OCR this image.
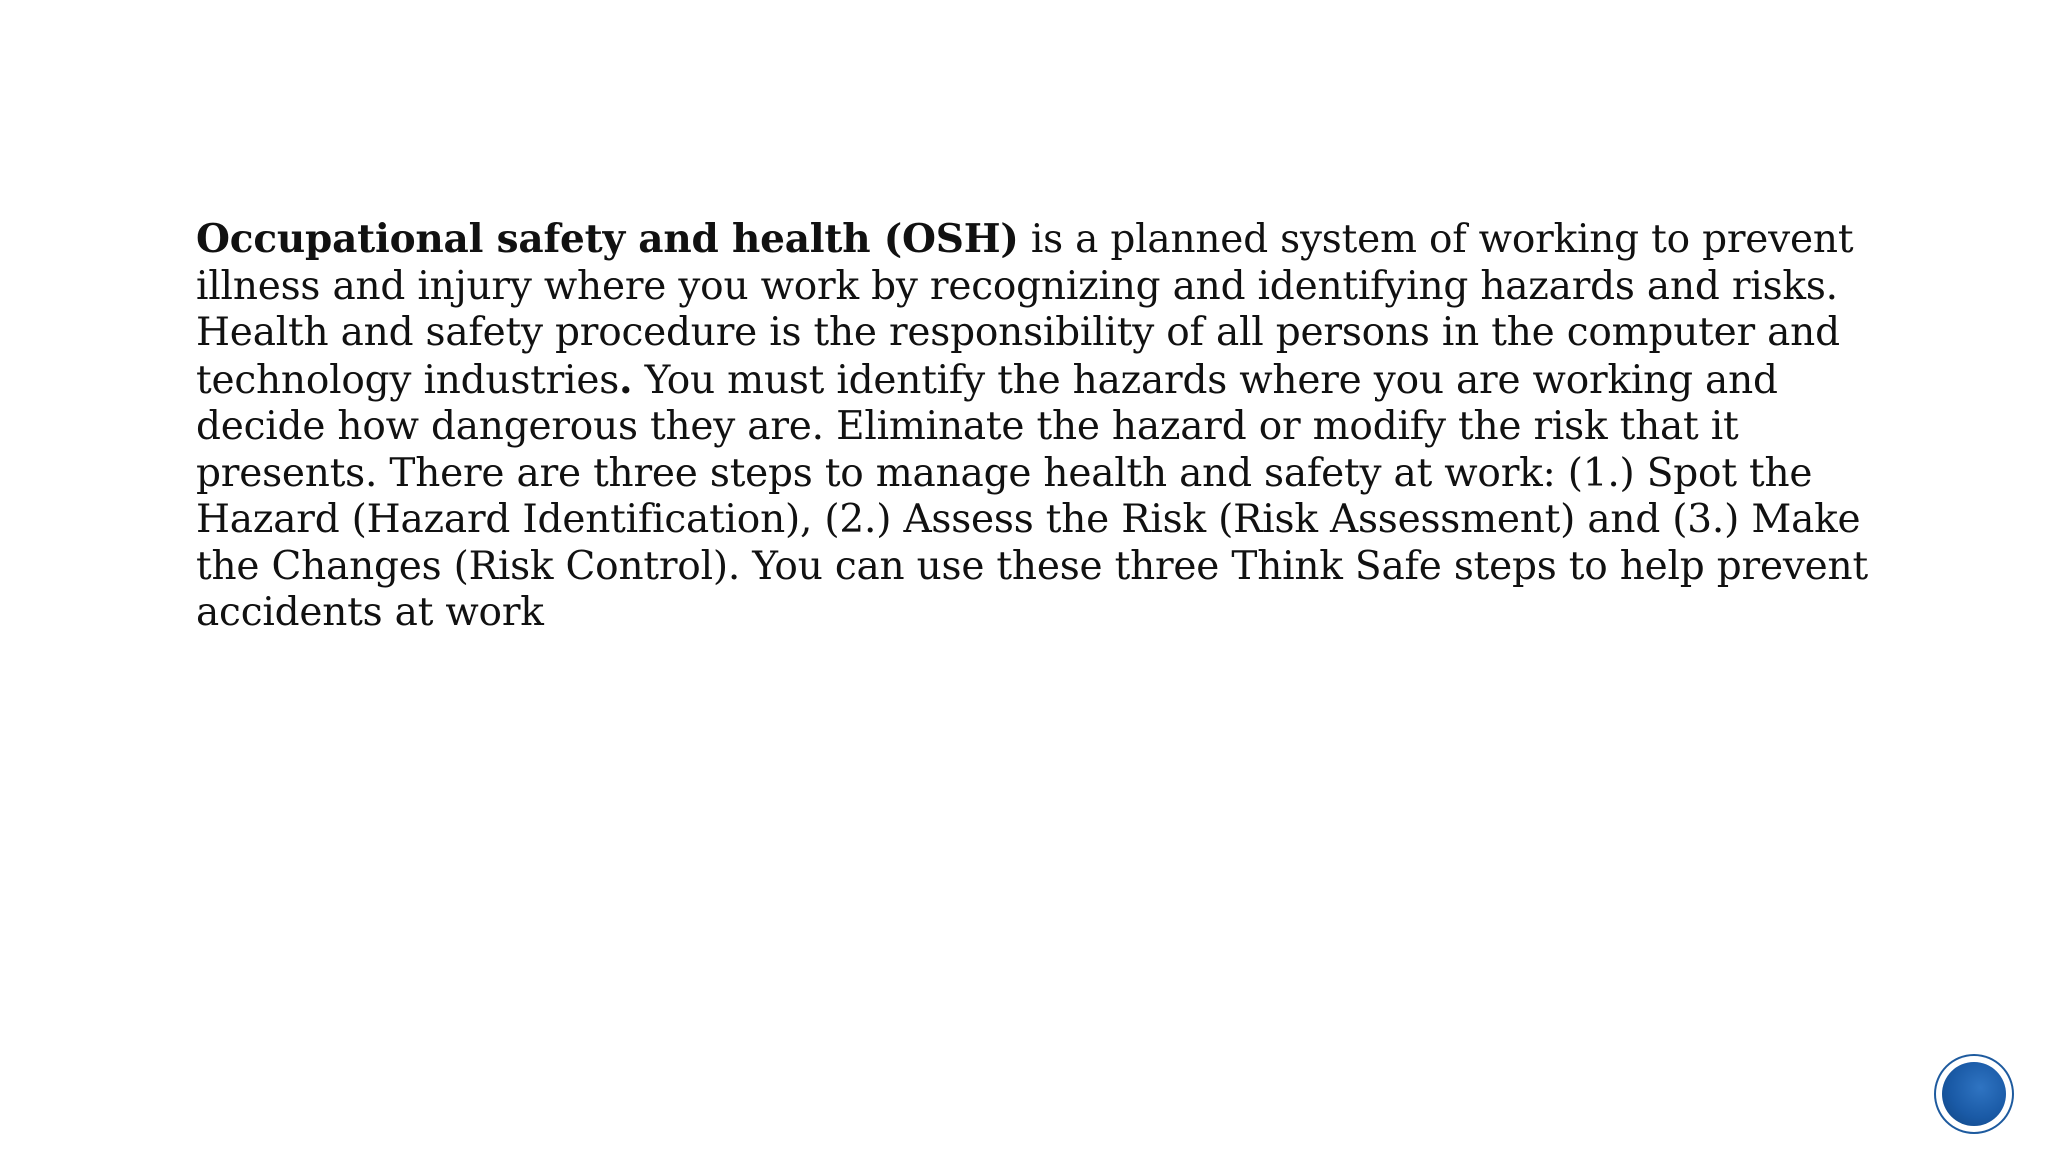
Occupational safety and health (OSH) is a planned system of working to prevent illness and injury where you work by recognizing and identifying hazards and risks. Health and safety procedure is the responsibility of all persons in the computer and technology industries. You must identify the hazards where you are working and decide how dangerous they are. Eliminate the hazard or modify the risk that it presents. There are three steps to manage health and safety at work: (1.) Spot the Hazard (Hazard Identification), (2.) Assess the Risk (Risk Assessment) and (3.) Make the Changes (Risk Control). You can use these three Think Safe steps to help prevent accidents at work
